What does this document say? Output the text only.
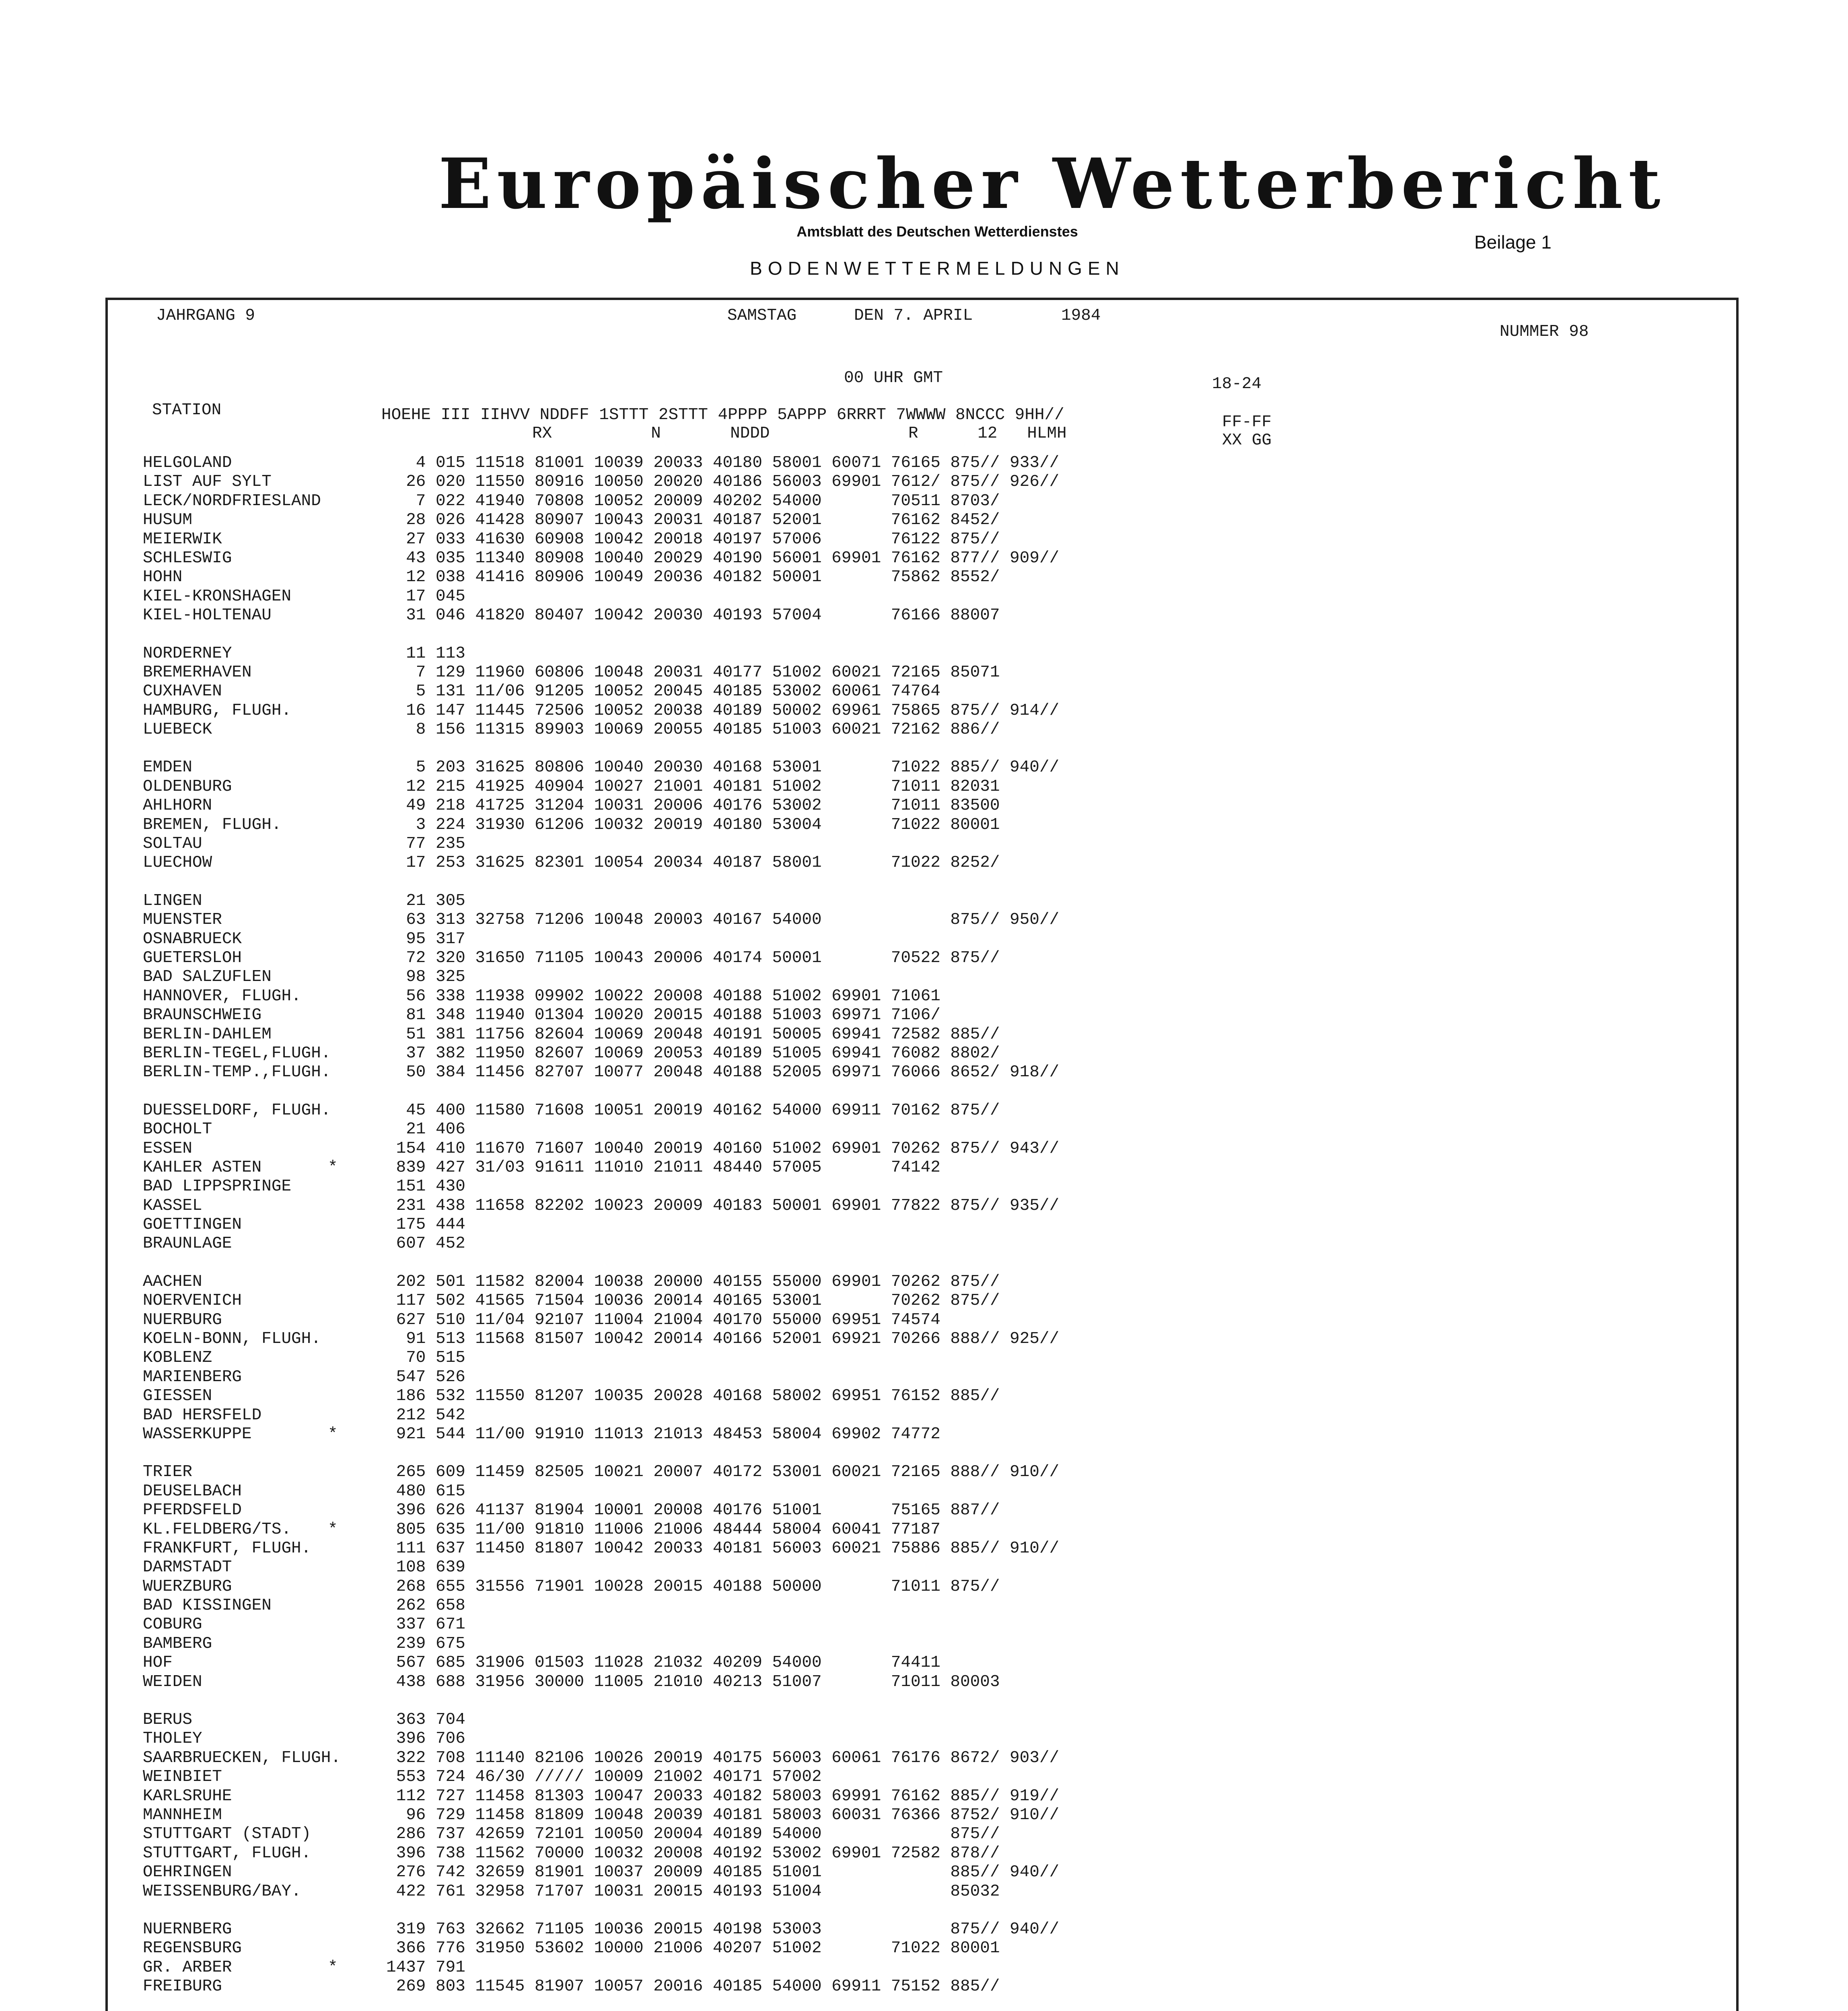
Europäischer Wetterbericht
Amtsblatt des Deutschen Wetterdienstes
BODENWETTERMELDUNGEN
Beilage 1
JAHRGANG 9	SAMSTAG	DEN 7. APRIL	1984
NUMMER 98
00 UHR GMT	18-24
STATION	HOEHE III IIHVV NDDFF 1STTT 2STTT 4PPPP 5APPP 6RRRT 7WWWW 8NCCC 9HH//
RX          N       NDDD              R      12   HLMH
FF-FF
XX GG
HELGOLAND	4 015 11518 81001 10039 20033 40180 58001 60071 76165 875// 933//
LIST AUF SYLT	26 020 11550 80916 10050 20020 40186 56003 69901 7612/ 875// 926//
LECK/NORDFRIESLAND	7 022 41940 70808 10052 20009 40202 54000       70511 8703/
HUSUM	28 026 41428 80907 10043 20031 40187 52001       76162 8452/
MEIERWIK	27 033 41630 60908 10042 20018 40197 57006       76122 875//
SCHLESWIG	43 035 11340 80908 10040 20029 40190 56001 69901 76162 877// 909//
HOHN	12 038 41416 80906 10049 20036 40182 50001       75862 8552/
KIEL-KRONSHAGEN	17 045
KIEL-HOLTENAU	31 046 41820 80407 10042 20030 40193 57004       76166 88007
NORDERNEY	11 113
BREMERHAVEN	7 129 11960 60806 10048 20031 40177 51002 60021 72165 85071
CUXHAVEN	5 131 11/06 91205 10052 20045 40185 53002 60061 74764
HAMBURG, FLUGH.	16 147 11445 72506 10052 20038 40189 50002 69961 75865 875// 914//
LUEBECK	8 156 11315 89903 10069 20055 40185 51003 60021 72162 886//
EMDEN	5 203 31625 80806 10040 20030 40168 53001       71022 885// 940//
OLDENBURG	12 215 41925 40904 10027 21001 40181 51002       71011 82031
AHLHORN	49 218 41725 31204 10031 20006 40176 53002       71011 83500
BREMEN, FLUGH.	3 224 31930 61206 10032 20019 40180 53004       71022 80001
SOLTAU	77 235
LUECHOW	17 253 31625 82301 10054 20034 40187 58001       71022 8252/
LINGEN	21 305
MUENSTER	63 313 32758 71206 10048 20003 40167 54000             875// 950//
OSNABRUECK	95 317
GUETERSLOH	72 320 31650 71105 10043 20006 40174 50001       70522 875//
BAD SALZUFLEN	98 325
HANNOVER, FLUGH.	56 338 11938 09902 10022 20008 40188 51002 69901 71061
BRAUNSCHWEIG	81 348 11940 01304 10020 20015 40188 51003 69971 7106/
BERLIN-DAHLEM	51 381 11756 82604 10069 20048 40191 50005 69941 72582 885//
BERLIN-TEGEL,FLUGH.	37 382 11950 82607 10069 20053 40189 51005 69941 76082 8802/
BERLIN-TEMP.,FLUGH.	50 384 11456 82707 10077 20048 40188 52005 69971 76066 8652/ 918//
DUESSELDORF, FLUGH.	45 400 11580 71608 10051 20019 40162 54000 69911 70162 875//
BOCHOLT	21 406
ESSEN	154 410 11670 71607 10040 20019 40160 51002 69901 70262 875// 943//
KAHLER ASTEN	*	839 427 31/03 91611 11010 21011 48440 57005       74142
BAD LIPPSPRINGE	151 430
KASSEL	231 438 11658 82202 10023 20009 40183 50001 69901 77822 875// 935//
GOETTINGEN	175 444
BRAUNLAGE	607 452
AACHEN	202 501 11582 82004 10038 20000 40155 55000 69901 70262 875//
NOERVENICH	117 502 41565 71504 10036 20014 40165 53001       70262 875//
NUERBURG	627 510 11/04 92107 11004 21004 40170 55000 69951 74574
KOELN-BONN, FLUGH.	91 513 11568 81507 10042 20014 40166 52001 69921 70266 888// 925//
KOBLENZ	70 515
MARIENBERG	547 526
GIESSEN	186 532 11550 81207 10035 20028 40168 58002 69951 76152 885//
BAD HERSFELD	212 542
WASSERKUPPE	*	921 544 11/00 91910 11013 21013 48453 58004 69902 74772
TRIER	265 609 11459 82505 10021 20007 40172 53001 60021 72165 888// 910//
DEUSELBACH	480 615
PFERDSFELD	396 626 41137 81904 10001 20008 40176 51001       75165 887//
KL.FELDBERG/TS. *	805 635 11/00 91810 11006 21006 48444 58004 60041 77187
FRANKFURT, FLUGH.	111 637 11450 81807 10042 20033 40181 56003 60021 75886 885// 910//
DARMSTADT	108 639
WUERZBURG	268 655 31556 71901 10028 20015 40188 50000       71011 875//
BAD KISSINGEN	262 658
COBURG	337 671
BAMBERG	239 675
HOF	567 685 31906 01503 11028 21032 40209 54000       74411
WEIDEN	438 688 31956 30000 11005 21010 40213 51007       71011 80003
BERUS	363 704
THOLEY	396 706
SAARBRUECKEN, FLUGH.	322 708 11140 82106 10026 20019 40175 56003 60061 76176 8672/ 903//
WEINBIET	553 724 46/30 ///// 10009 21002 40171 57002
KARLSRUHE	112 727 11458 81303 10047 20033 40182 58003 69991 76162 885// 919//
MANNHEIM	96 729 11458 81809 10048 20039 40181 58003 60031 76366 8752/ 910//
STUTTGART (STADT)	286 737 42659 72101 10050 20004 40189 54000             875//
STUTTGART, FLUGH.	396 738 11562 70000 10032 20008 40192 53002 69901 72582 878//
OEHRINGEN	276 742 32659 81901 10037 20009 40185 51001             885// 940//
WEISSENBURG/BAY.	422 761 32958 71707 10031 20015 40193 51004             85032
NUERNBERG	319 763 32662 71105 10036 20015 40198 53003             875// 940//
REGENSBURG	366 776 31950 53602 10000 21006 40207 51002       71022 80001
GR. ARBER	*	1437 791
FREIBURG	269 803 11545 81907 10057 20016 40185 54000 69911 75152 885//
